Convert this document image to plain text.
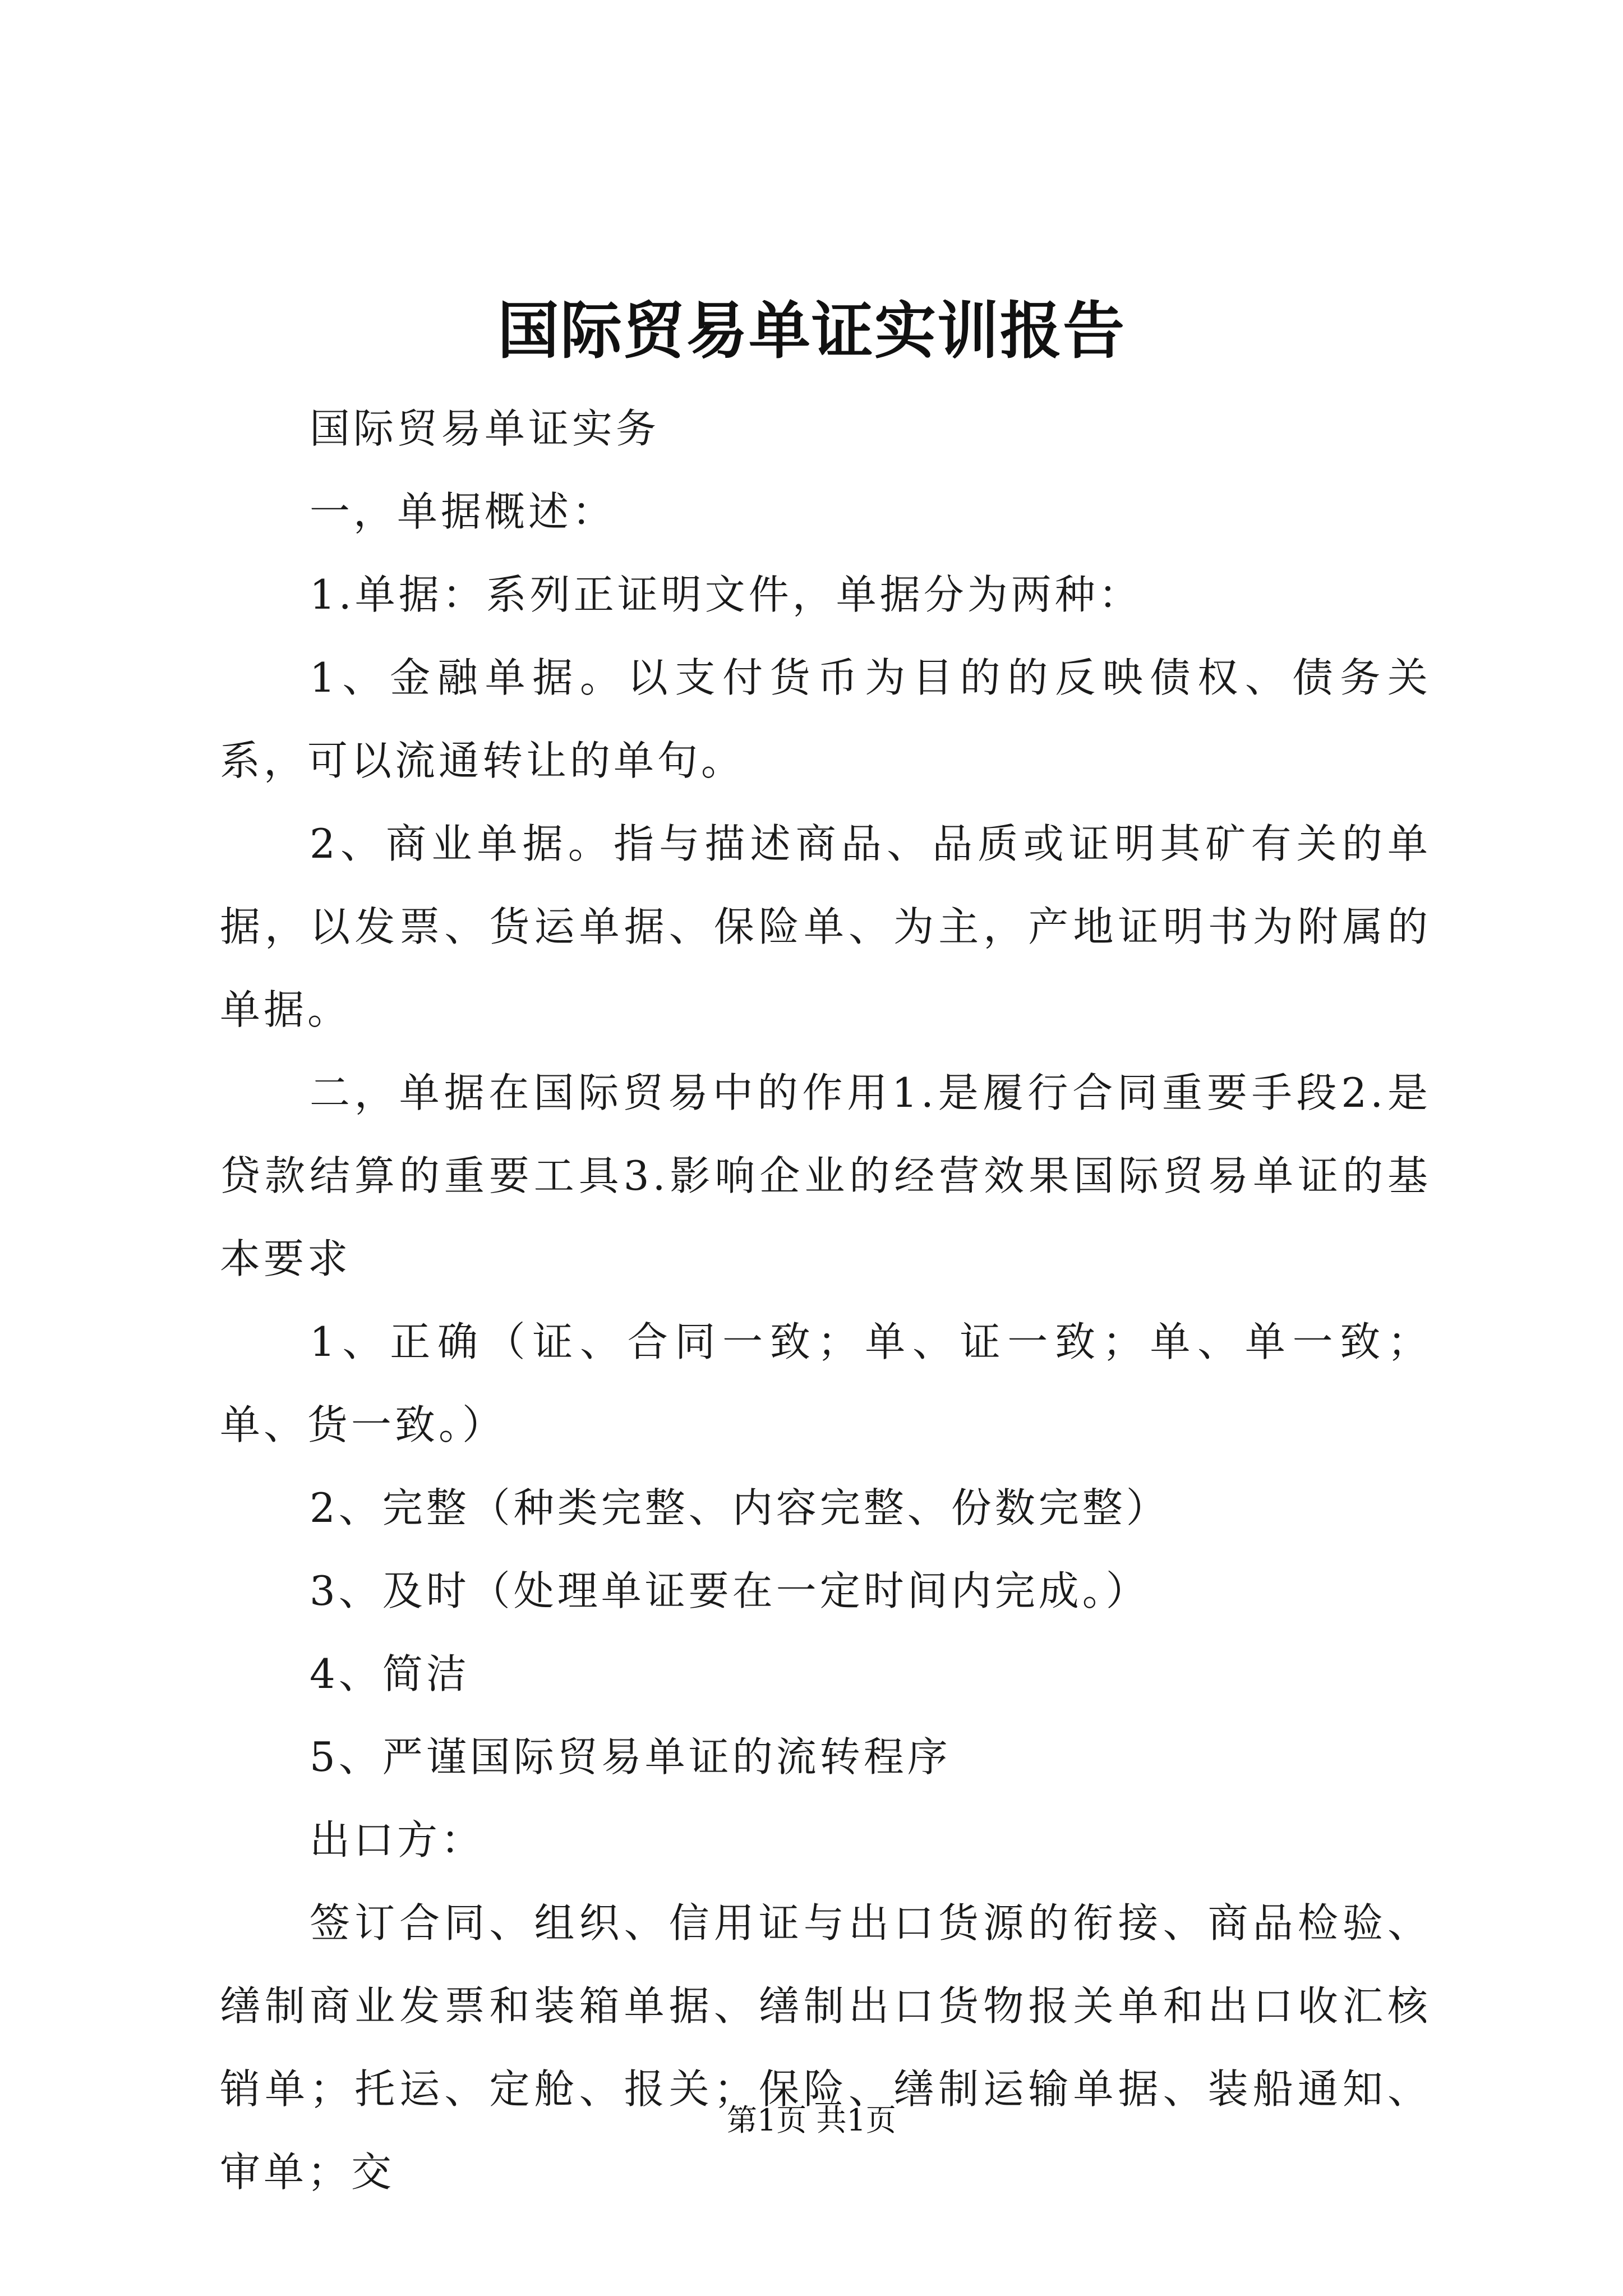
国际贸易单证实训报告

国际贸易单证实务

一，单据概述：

1.单据：系列正证明文件，单据分为两种：

1、金融单据。以支付货币为目的的反映债权、债务关系，可以流通转让的单句。

2、商业单据。指与描述商品、品质或证明其矿有关的单据，以发票、货运单据、保险单、为主，产地证明书为附属的单据。

二，单据在国际贸易中的作用1.是履行合同重要手段2.是贷款结算的重要工具3.影响企业的经营效果国际贸易单证的基本要求

1、正确（证、合同一致；单、证一致；单、单一致；单、货一致。）

2、完整（种类完整、内容完整、份数完整）

3、及时（处理单证要在一定时间内完成。）

4、简洁

5、严谨国际贸易单证的流转程序

出口方：

签订合同、组织、信用证与出口货源的衔接、商品检验、缮制商业发票和装箱单据、缮制出口货物报关单和出口收汇核销单；托运、定舱、报关；保险、缮制运输单据、装船通知、审单；交

第1页 共1页
